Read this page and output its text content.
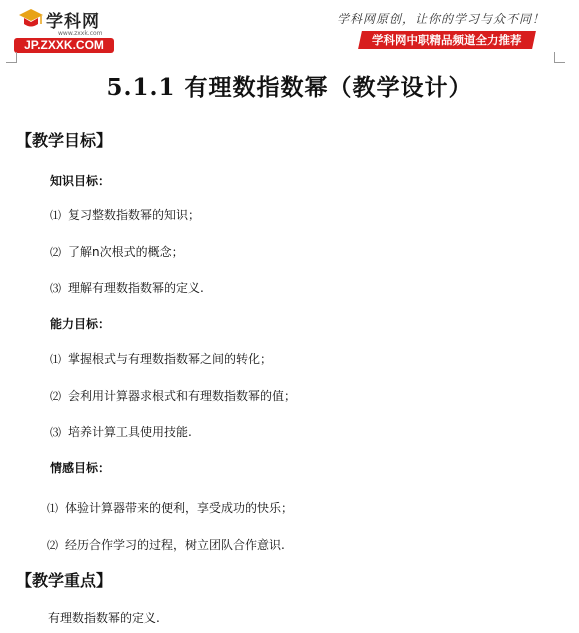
学科网
www.zxxk.com
JP.ZXXK.COM
学科网原创，让你的学习与众不同！
学科网中职精品频道全力推荐
5.1.1 有理数指数幂（教学设计）
【教学目标】
知识目标：
⑴ 复习整数指数幂的知识；
⑵ 了解n次根式的概念；
⑶ 理解有理数指数幂的定义.
能力目标：
⑴ 掌握根式与有理数指数幂之间的转化；
⑵ 会利用计算器求根式和有理数指数幂的值；
⑶ 培养计算工具使用技能.
情感目标：
⑴ 体验计算器带来的便利，享受成功的快乐；
⑵ 经历合作学习的过程，树立团队合作意识.
【教学重点】
有理数指数幂的定义.
